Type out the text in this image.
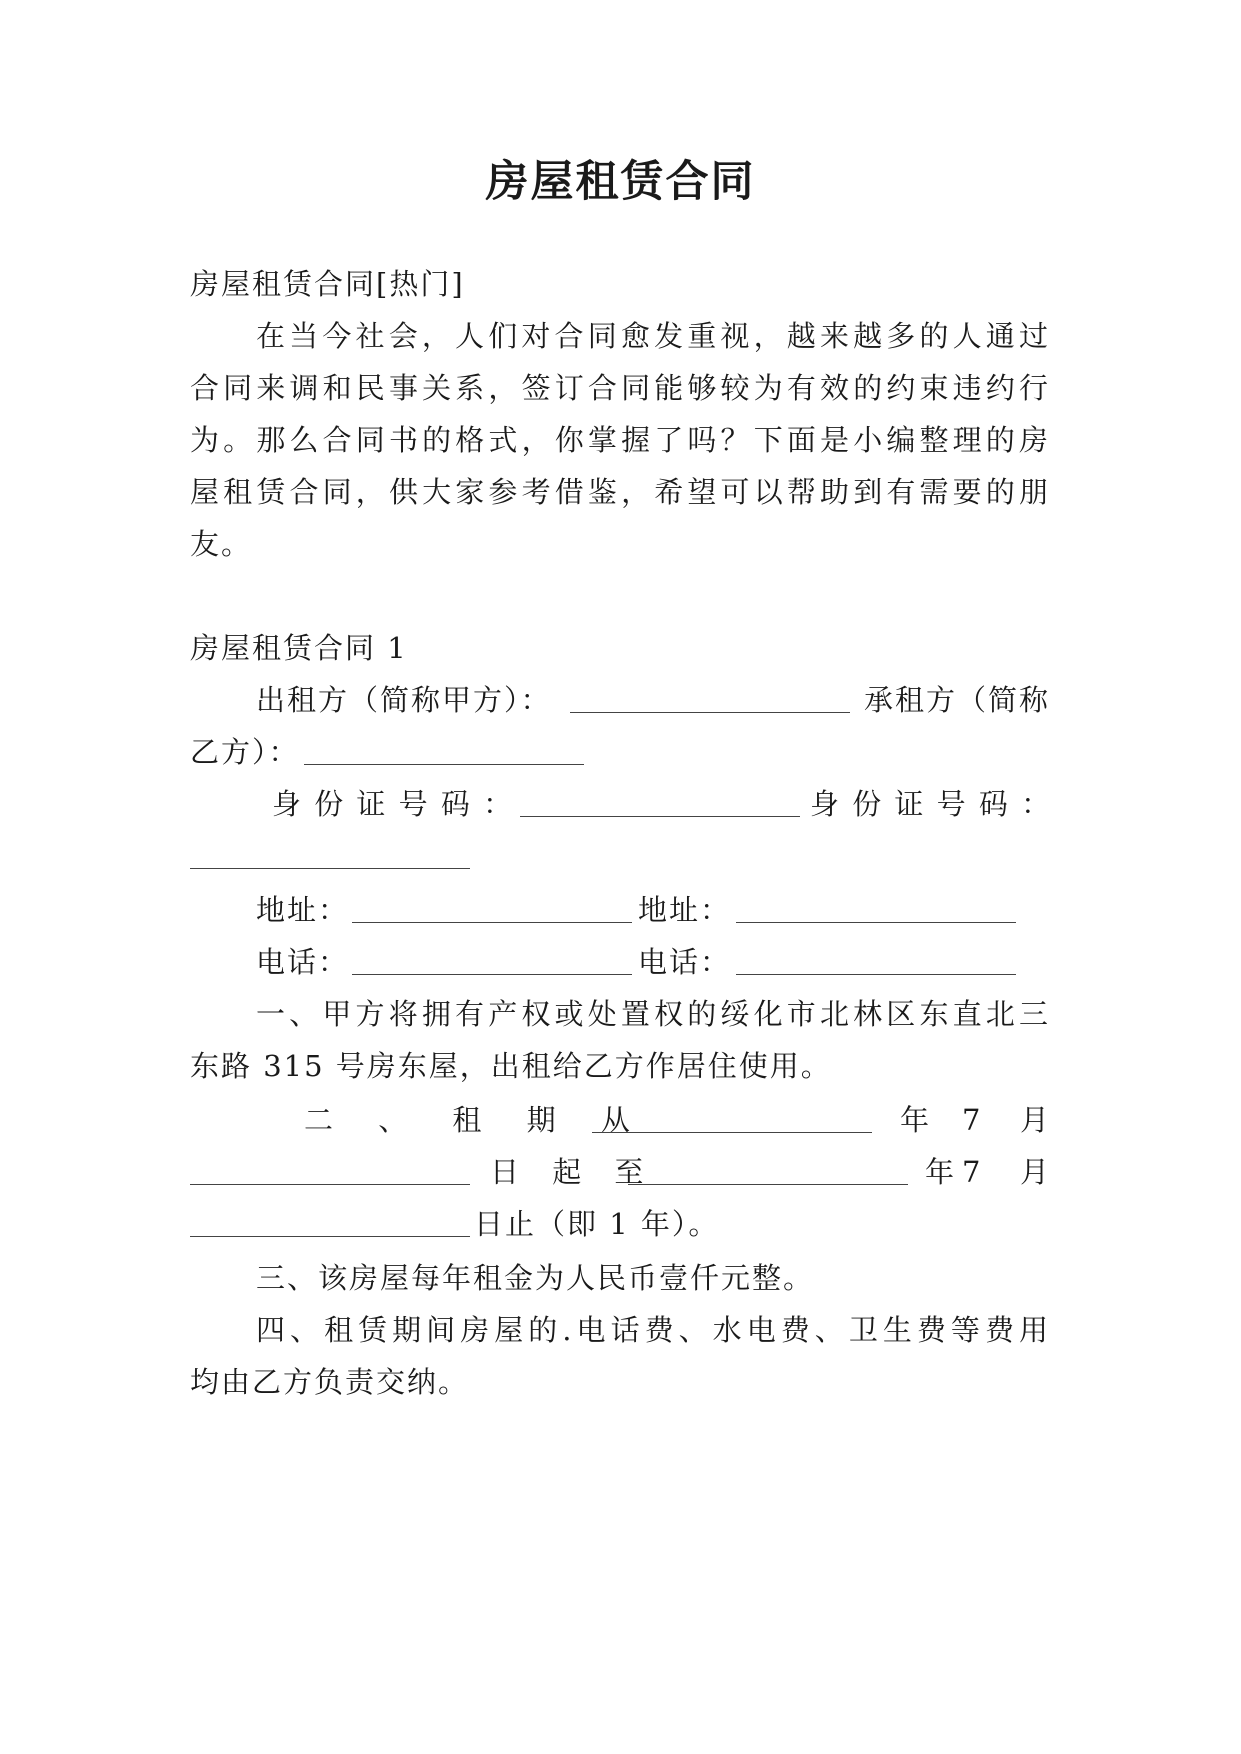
房屋租赁合同
房屋租赁合同[热门]
在当今社会，人们对合同愈发重视，越来越多的人通过
合同来调和民事关系，签订合同能够较为有效的约束违约行
为。那么合同书的格式，你掌握了吗？下面是小编整理的房
屋租赁合同，供大家参考借鉴，希望可以帮助到有需要的朋
友。
房屋租赁合同 1
出租方（简称甲方）：	承租方（简称
乙方）：
身 份 证 号 码 ：	身 份 证 号 码 ：
地址：	地址：
电话：	电话：
一、甲方将拥有产权或处置权的绥化市北林区东直北三
东路 315 号房东屋，出租给乙方作居住使用。
二 、 租 期 从	年 7 月
日 起 至	年 7 月
日止（即 1 年）。
三、该房屋每年租金为人民币壹仟元整。
四、租赁期间房屋的.电话费、水电费、卫生费等费用
均由乙方负责交纳。
